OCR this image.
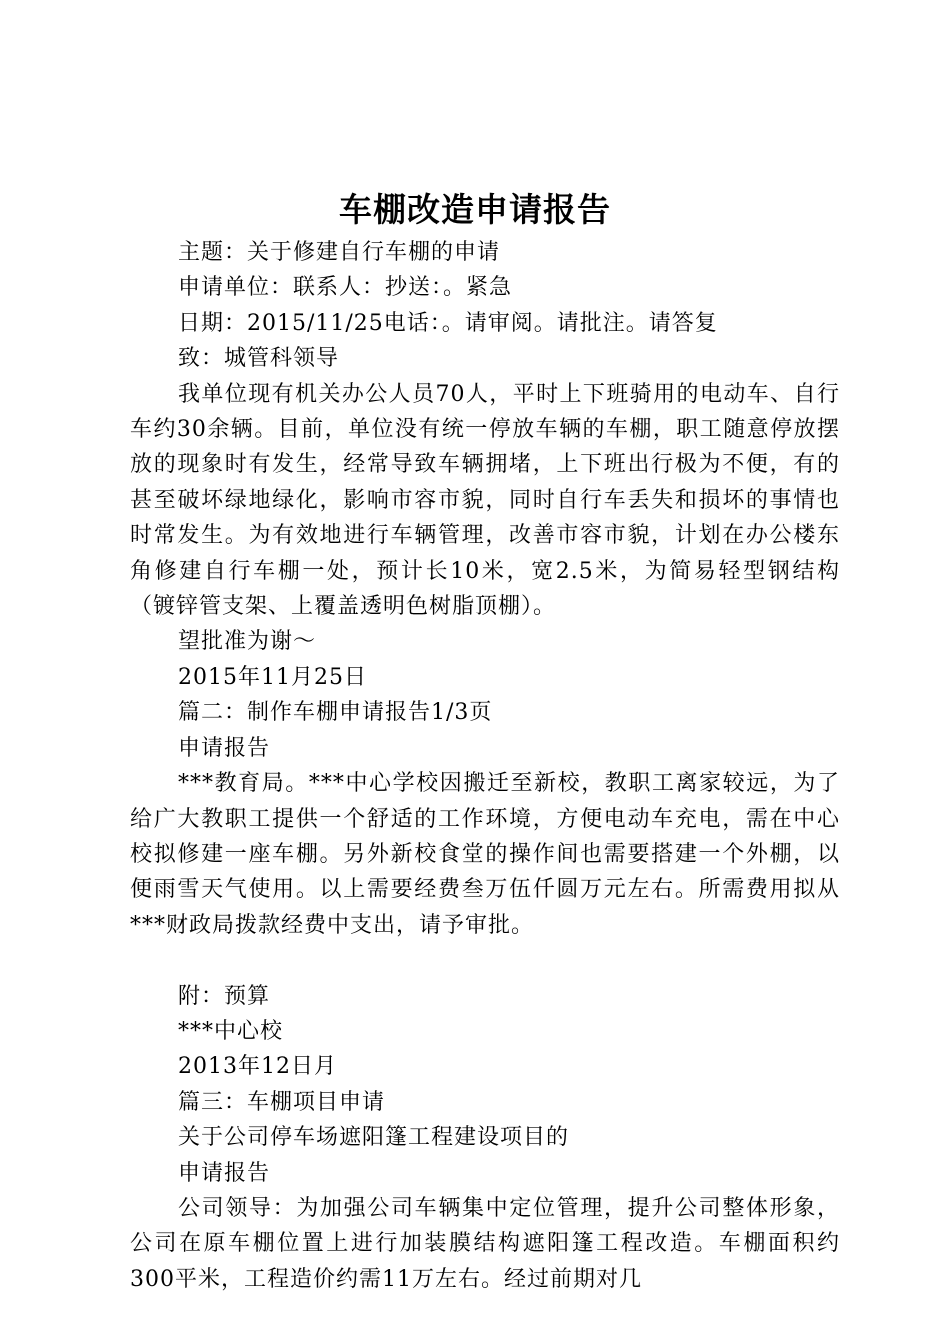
车棚改造申请报告

主题：关于修建自行车棚的申请

申请单位：联系人：抄送：。紧急

日期：2015/11/25电话：。请审阅。请批注。请答复

致：城管科领导

我单位现有机关办公人员70人，平时上下班骑用的电动车、自行车约30余辆。目前，单位没有统一停放车辆的车棚，职工随意停放摆放的现象时有发生，经常导致车辆拥堵，上下班出行极为不便，有的甚至破坏绿地绿化，影响市容市貌，同时自行车丢失和损坏的事情也时常发生。为有效地进行车辆管理，改善市容市貌，计划在办公楼东角修建自行车棚一处，预计长10米，宽2.5米，为简易轻型钢结构（镀锌管支架、上覆盖透明色树脂顶棚）。

望批准为谢～

2015年11月25日

篇二：制作车棚申请报告1/3页

申请报告

***教育局。***中心学校因搬迁至新校，教职工离家较远，为了给广大教职工提供一个舒适的工作环境，方便电动车充电，需在中心校拟修建一座车棚。另外新校食堂的操作间也需要搭建一个外棚，以便雨雪天气使用。以上需要经费叁万伍仟圆万元左右。所需费用拟从***财政局拨款经费中支出，请予审批。

附：预算

***中心校

2013年12日月

篇三：车棚项目申请

关于公司停车场遮阳篷工程建设项目的

申请报告

公司领导：为加强公司车辆集中定位管理，提升公司整体形象，公司在原车棚位置上进行加装膜结构遮阳篷工程改造。车棚面积约300平米，工程造价约需11万左右。经过前期对几
